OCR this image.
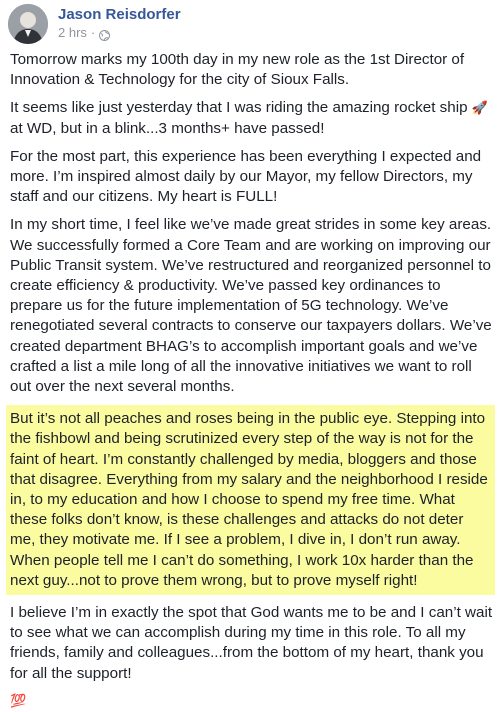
Jason Reisdorfer
2 hrs ·

Tomorrow marks my 100th day in my new role as the 1st Director of Innovation & Technology for the city of Sioux Falls.

It seems like just yesterday that I was riding the amazing rocket ship 🚀 at WD, but in a blink...3 months+ have passed!

For the most part, this experience has been everything I expected and more. I’m inspired almost daily by our Mayor, my fellow Directors, my staff and our citizens. My heart is FULL!

In my short time, I feel like we’ve made great strides in some key areas. We successfully formed a Core Team and are working on improving our Public Transit system. We’ve restructured and reorganized personnel to create efficiency & productivity. We’ve passed key ordinances to prepare us for the future implementation of 5G technology. We’ve renegotiated several contracts to conserve our taxpayers dollars. We’ve created department BHAG’s to accomplish important goals and we’ve crafted a list a mile long of all the innovative initiatives we want to roll out over the next several months.

But it’s not all peaches and roses being in the public eye. Stepping into the fishbowl and being scrutinized every step of the way is not for the faint of heart. I’m constantly challenged by media, bloggers and those that disagree. Everything from my salary and the neighborhood I reside in, to my education and how I choose to spend my free time. What these folks don’t know, is these challenges and attacks do not deter me, they motivate me. If I see a problem, I dive in, I don’t run away. When people tell me I can’t do something, I work 10x harder than the next guy...not to prove them wrong, but to prove myself right!

I believe I’m in exactly the spot that God wants me to be and I can’t wait to see what we can accomplish during my time in this role. To all my friends, family and colleagues...from the bottom of my heart, thank you for all the support!

💯
